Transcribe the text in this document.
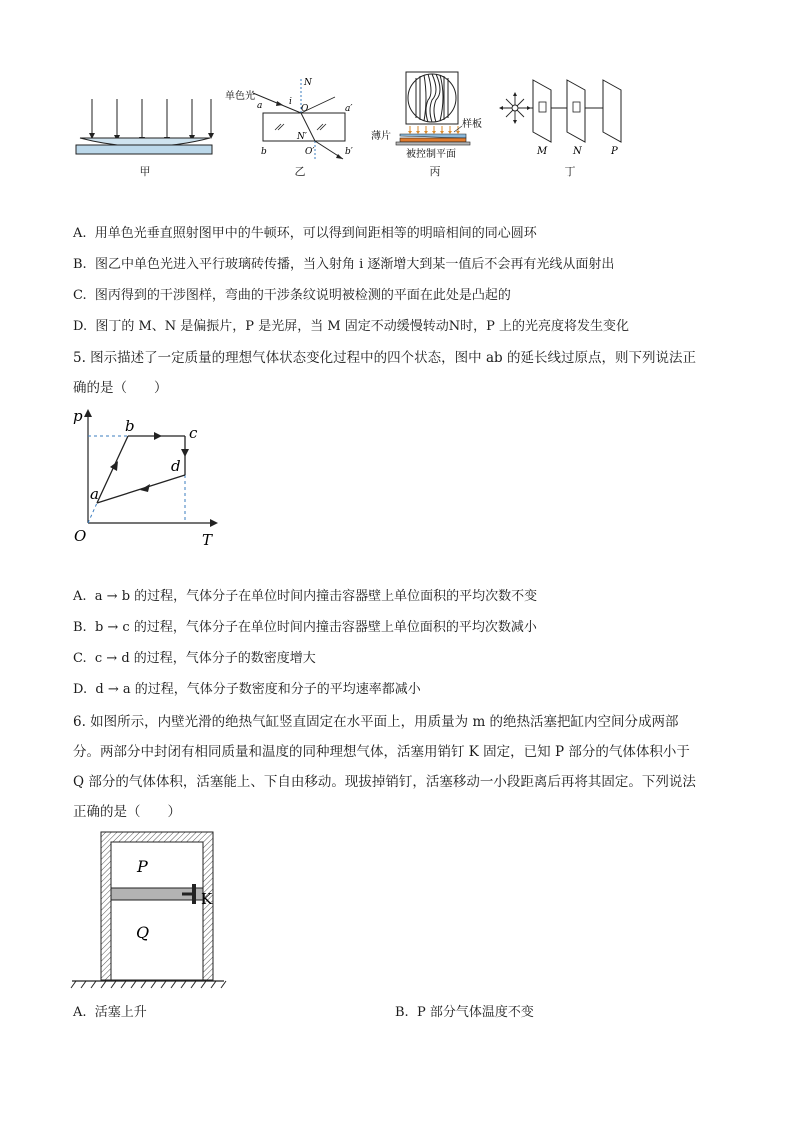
甲
单色光
N
a	i
O	a′
N′
b	O′	b′
乙
薄片
样板
被控制平面
丙
M	N	P
丁
A. 用单色光垂直照射图甲中的牛顿环，可以得到间距相等的明暗相间的同心圆环
B. 图乙中单色光进入平行玻璃砖传播，当入射角 i 逐渐增大到某一值后不会再有光线从面射出
C. 图丙得到的干涉图样，弯曲的干涉条纹说明被检测的平面在此处是凸起的
D. 图丁的 M、N 是偏振片，P 是光屏，当 M 固定不动缓慢转动N时，P 上的光亮度将发生变化
5. 图示描述了一定质量的理想气体状态变化过程中的四个状态，图中 ab 的延长线过原点，则下列说法正
确的是（　　）
p
T
O
a
b	c
d
A. a → b 的过程，气体分子在单位时间内撞击容器壁上单位面积的平均次数不变
B. b → c 的过程，气体分子在单位时间内撞击容器壁上单位面积的平均次数减小
C. c → d 的过程，气体分子的数密度增大
D. d → a 的过程，气体分子数密度和分子的平均速率都减小
6. 如图所示，内壁光滑的绝热气缸竖直固定在水平面上，用质量为 m 的绝热活塞把缸内空间分成两部
分。两部分中封闭有相同质量和温度的同种理想气体，活塞用销钉 K 固定，已知 P 部分的气体体积小于
Q 部分的气体体积，活塞能上、下自由移动。现拔掉销钉，活塞移动一小段距离后再将其固定。下列说法
正确的是（　　）
P
Q
K
A. 活塞上升	B. P 部分气体温度不变
